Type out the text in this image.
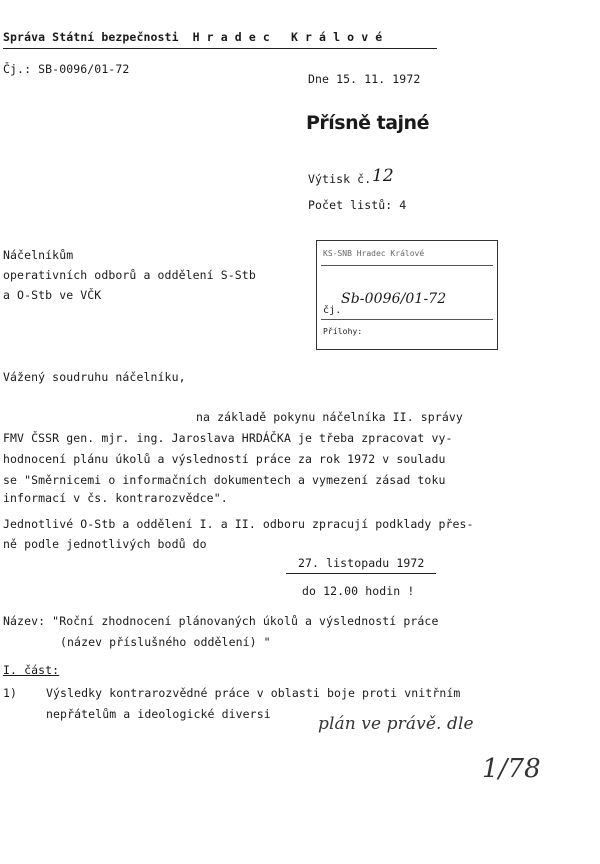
Správa Státní bezpečnosti  H r a d e c   K r á l o v é
Čj.: SB-0096/01-72
Dne 15. 11. 1972
Přísně tajné
Výtisk č. 12
Počet listů: 4
Náčelníkům
operativních odborů a oddělení S-Stb
a O-Stb ve VČK
KS-SNB Hradec Králové
Sb-0096/01-72
čj.
Přílohy:
Vážený soudruhu náčelníku,
na základě pokynu náčelníka II. správy
FMV ČSSR gen. mjr. ing. Jaroslava HRDÁČKA je třeba zpracovat vy-
hodnocení plánu úkolů a výsledností práce za rok 1972 v souladu
se "Směrnicemi o informačních dokumentech a vymezení zásad toku
informací v čs. kontrarozvědce".
Jednotlivé O-Stb a oddělení I. a II. odboru zpracují podklady přes-
ně podle jednotlivých bodů do
27. listopadu 1972
do 12.00 hodin !
Název: "Roční zhodnocení plánovaných úkolů a výsledností práce
(název příslušného oddělení) "
I. část:
1)	Výsledky kontrarozvědné práce v oblasti boje proti vnitřním
nepřátelům a ideologické diversi	plán ve právě. dle
1/78
